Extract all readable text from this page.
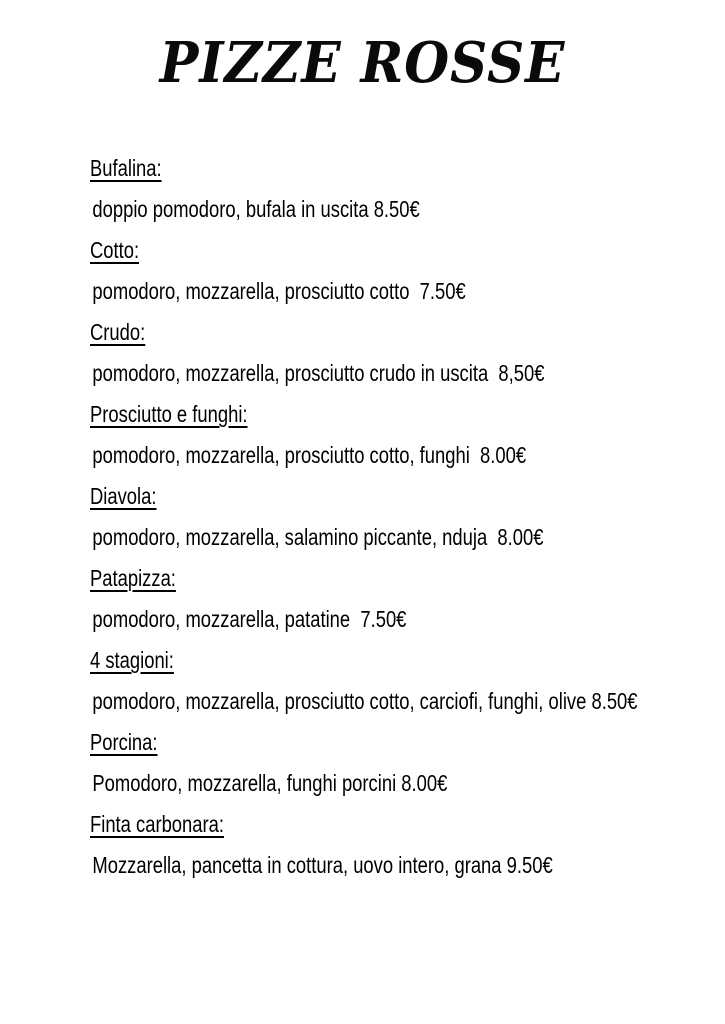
PIZZE ROSSE
Bufalina:
doppio pomodoro, bufala in uscita 8.50€
Cotto:
pomodoro, mozzarella, prosciutto cotto  7.50€
Crudo:
pomodoro, mozzarella, prosciutto crudo in uscita  8,50€
Prosciutto e funghi:
pomodoro, mozzarella, prosciutto cotto, funghi  8.00€
Diavola:
pomodoro, mozzarella, salamino piccante, nduja  8.00€
Patapizza:
pomodoro, mozzarella, patatine  7.50€
4 stagioni:
pomodoro, mozzarella, prosciutto cotto, carciofi, funghi, olive 8.50€
Porcina:
Pomodoro, mozzarella, funghi porcini 8.00€
Finta carbonara:
Mozzarella, pancetta in cottura, uovo intero, grana 9.50€
